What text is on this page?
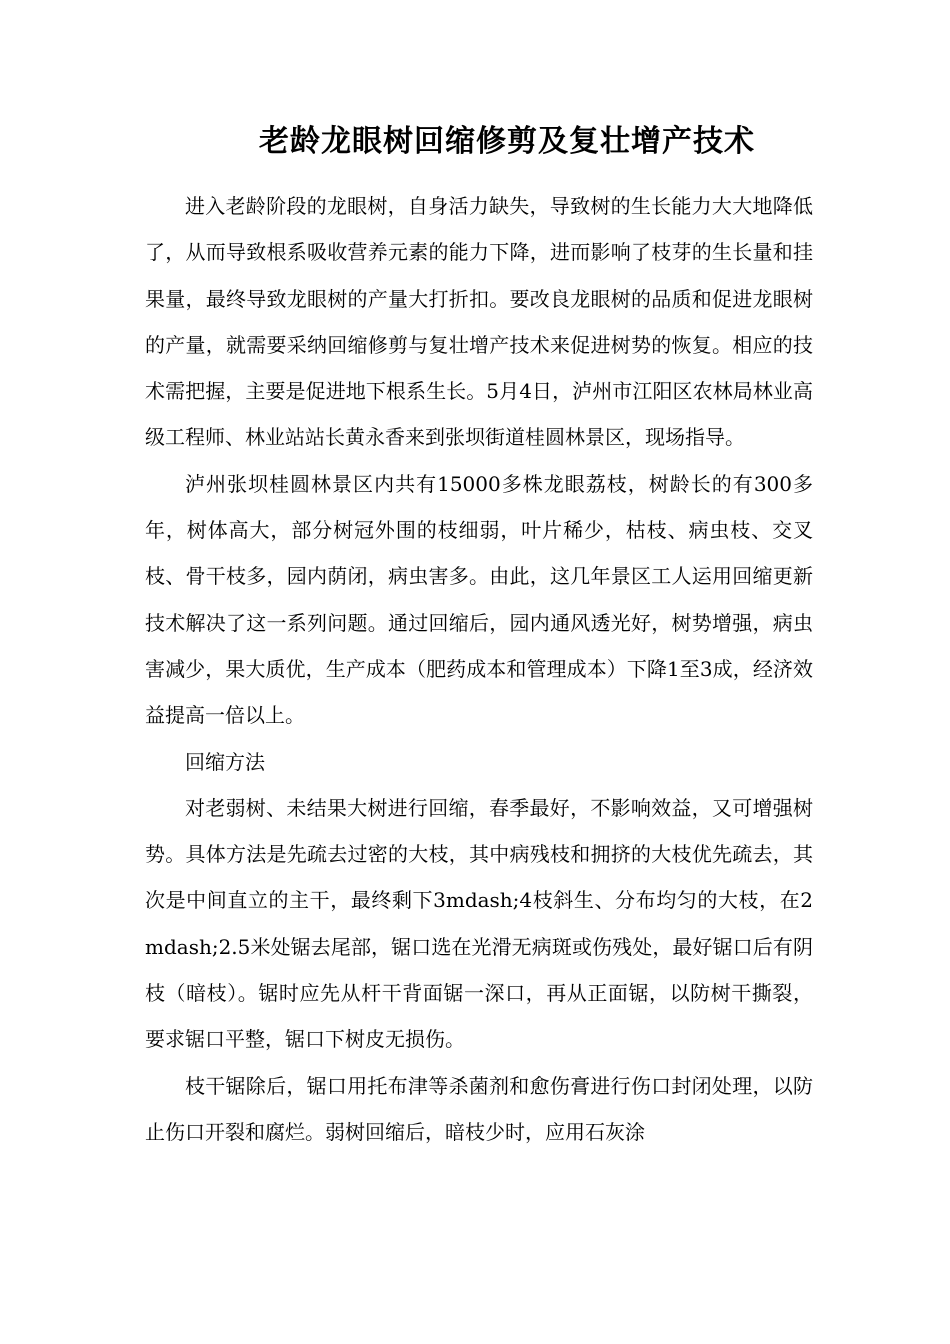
老龄龙眼树回缩修剪及复壮增产技术

进入老龄阶段的龙眼树，自身活力缺失，导致树的生长能力大大地降低了，从而导致根系吸收营养元素的能力下降，进而影响了枝芽的生长量和挂果量，最终导致龙眼树的产量大打折扣。要改良龙眼树的品质和促进龙眼树的产量，就需要采纳回缩修剪与复壮增产技术来促进树势的恢复。相应的技术需把握，主要是促进地下根系生长。5月4日，泸州市江阳区农林局林业高级工程师、林业站站长黄永香来到张坝街道桂圆林景区，现场指导。

泸州张坝桂圆林景区内共有15000多株龙眼荔枝，树龄长的有300多年，树体高大，部分树冠外围的枝细弱，叶片稀少，枯枝、病虫枝、交叉枝、骨干枝多，园内荫闭，病虫害多。由此，这几年景区工人运用回缩更新技术解决了这一系列问题。通过回缩后，园内通风透光好，树势增强，病虫害减少，果大质优，生产成本（肥药成本和管理成本）下降1至3成，经济效益提高一倍以上。

回缩方法

对老弱树、未结果大树进行回缩，春季最好，不影响效益，又可增强树势。具体方法是先疏去过密的大枝，其中病残枝和拥挤的大枝优先疏去，其次是中间直立的主干，最终剩下3mdash;4枝斜生、分布均匀的大枝，在2mdash;2.5米处锯去尾部，锯口选在光滑无病斑或伤残处，最好锯口后有阴枝（暗枝）。锯时应先从杆干背面锯一深口，再从正面锯，以防树干撕裂，要求锯口平整，锯口下树皮无损伤。

枝干锯除后，锯口用托布津等杀菌剂和愈伤膏进行伤口封闭处理，以防止伤口开裂和腐烂。弱树回缩后，暗枝少时，应用石灰涂
